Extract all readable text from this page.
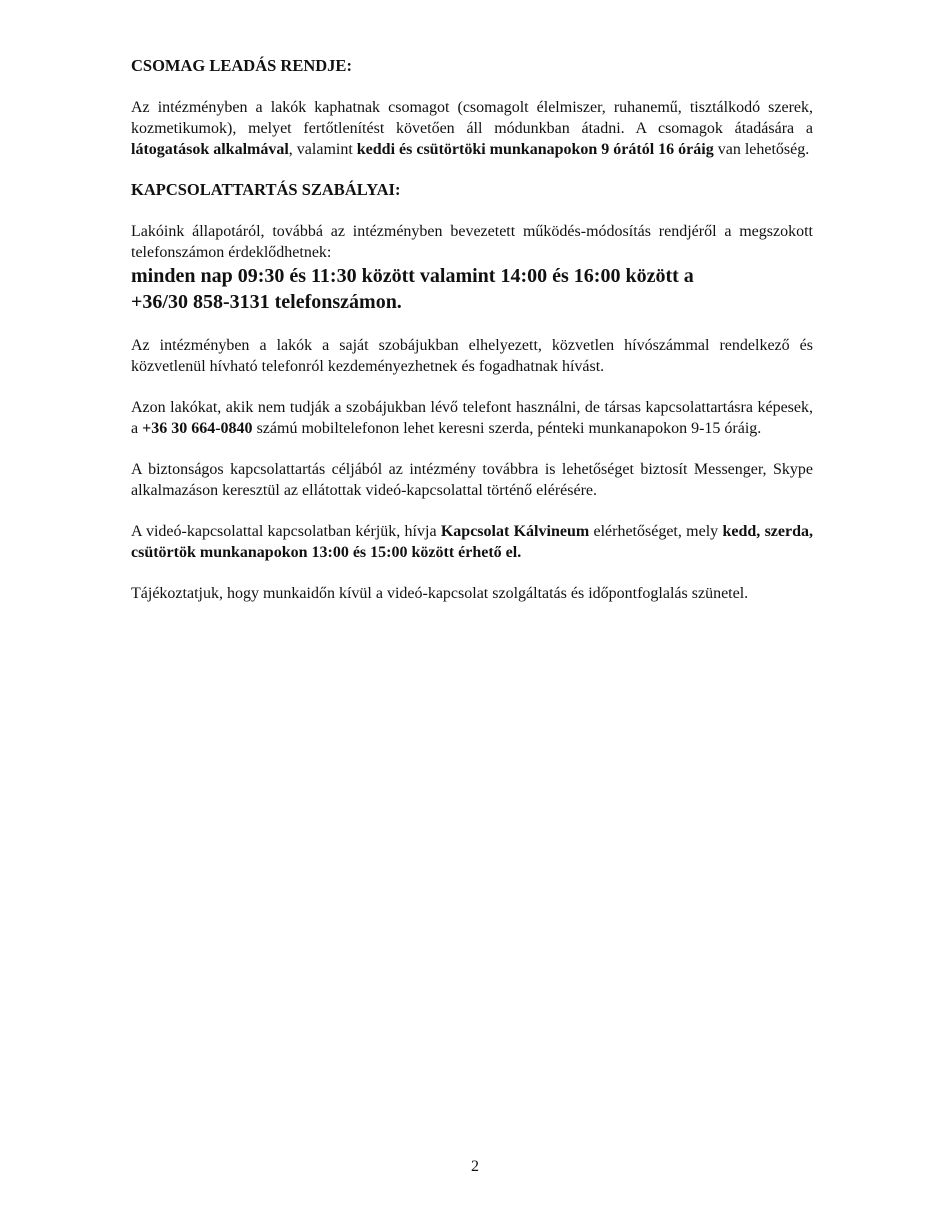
CSOMAG LEADÁS RENDJE:

Az intézményben a lakók kaphatnak csomagot (csomagolt élelmiszer, ruhanemű, tisztálkodó szerek, kozmetikumok), melyet fertőtlenítést követően áll módunkban átadni. A csomagok átadására a látogatások alkalmával, valamint keddi és csütörtöki munkanapokon 9 órától 16 óráig van lehetőség.

KAPCSOLATTARTÁS SZABÁLYAI:

Lakóink állapotáról, továbbá az intézményben bevezetett működés-módosítás rendjéről a megszokott telefonszámon érdeklődhetnek:

minden nap 09:30 és 11:30 között valamint 14:00 és 16:00 között a

+36/30 858-3131 telefonszámon.

Az intézményben a lakók a saját szobájukban elhelyezett, közvetlen hívószámmal rendelkező és közvetlenül hívható telefonról kezdeményezhetnek és fogadhatnak hívást.

Azon lakókat, akik nem tudják a szobájukban lévő telefont használni, de társas kapcsolattartásra képesek, a +36 30 664-0840 számú mobiltelefonon lehet keresni szerda, pénteki munkanapokon 9-15 óráig.

A biztonságos kapcsolattartás céljából az intézmény továbbra is lehetőséget biztosít Messenger, Skype alkalmazáson keresztül az ellátottak videó-kapcsolattal történő elérésére.

A videó-kapcsolattal kapcsolatban kérjük, hívja Kapcsolat Kálvineum elérhetőséget, mely kedd, szerda, csütörtök munkanapokon 13:00 és 15:00 között érhető el.

Tájékoztatjuk, hogy munkaidőn kívül a videó-kapcsolat szolgáltatás és időpontfoglalás szünetel.

2
